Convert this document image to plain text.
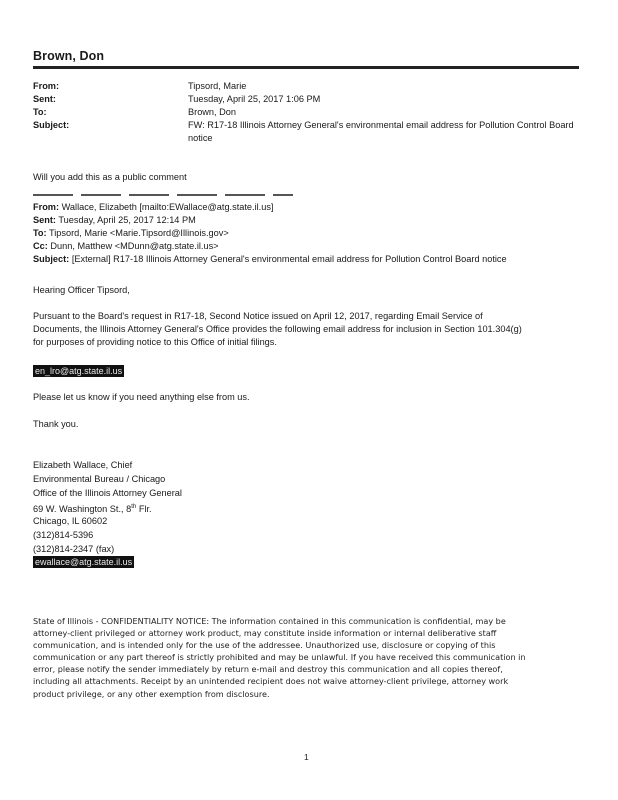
Brown, Don
From:	Tipsord, Marie
Sent:	Tuesday, April 25, 2017 1:06 PM
To:	Brown, Don
Subject:	FW: R17-18 Illinois Attorney General's environmental email address for Pollution Control Board notice
Will you add this as a public comment
From: Wallace, Elizabeth [mailto:EWallace@atg.state.il.us]
Sent: Tuesday, April 25, 2017 12:14 PM
To: Tipsord, Marie <Marie.Tipsord@Illinois.gov>
Cc: Dunn, Matthew <MDunn@atg.state.il.us>
Subject: [External] R17-18 Illinois Attorney General's environmental email address for Pollution Control Board notice
Hearing Officer Tipsord,
Pursuant to the Board's request in R17-18, Second Notice issued on April 12, 2017, regarding Email Service of
Documents, the Illinois Attorney General's Office provides the following email address for inclusion in Section 101.304(g)
for purposes of providing notice to this Office of initial filings.
en_lro@atg.state.il.us
Please let us know if you need anything else from us.
Thank you.
Elizabeth Wallace, Chief
Environmental Bureau / Chicago
Office of the Illinois Attorney General
69 W. Washington St., 8th Flr.
Chicago, IL 60602
(312)814-5396
(312)814-2347 (fax)
ewallace@atg.state.il.us
State of Illinois - CONFIDENTIALITY NOTICE: The information contained in this communication is confidential, may be
attorney-client privileged or attorney work product, may constitute inside information or internal deliberative staff
communication, and is intended only for the use of the addressee. Unauthorized use, disclosure or copying of this
communication or any part thereof is strictly prohibited and may be unlawful. If you have received this communication in
error, please notify the sender immediately by return e-mail and destroy this communication and all copies thereof,
including all attachments. Receipt by an unintended recipient does not waive attorney-client privilege, attorney work
product privilege, or any other exemption from disclosure.
1
